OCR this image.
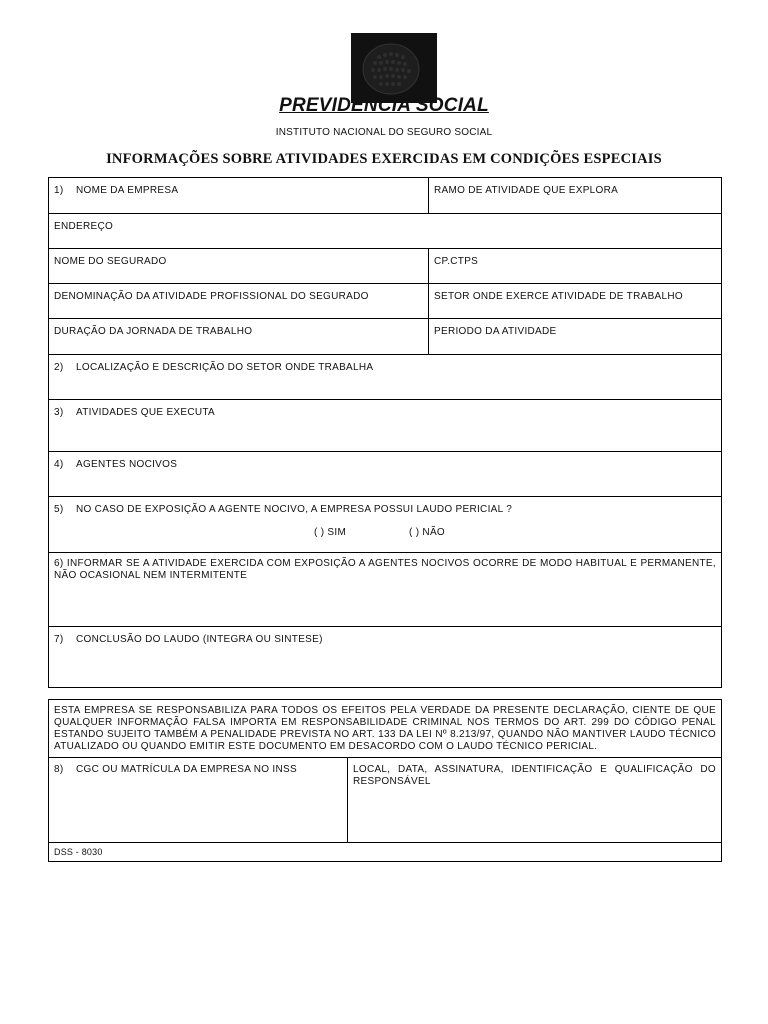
PREVIDENCIA SOCIAL
INSTITUTO NACIONAL DO SEGURO SOCIAL
INFORMAÇÕES SOBRE ATIVIDADES EXERCIDAS EM CONDIÇÕES ESPECIAIS
1) NOME DA EMPRESA	RAMO DE ATIVIDADE QUE EXPLORA
ENDEREÇO
NOME DO SEGURADO	CP.CTPS
DENOMINAÇÃO DA ATIVIDADE PROFISSIONAL DO SEGURADO	SETOR ONDE EXERCE ATIVIDADE DE TRABALHO
DURAÇÃO DA JORNADA DE TRABALHO	PERIODO DA ATIVIDADE
2) LOCALIZAÇÃO E DESCRIÇÃO DO SETOR ONDE TRABALHA
3) ATIVIDADES QUE EXECUTA
4) AGENTES NOCIVOS
5) NO CASO DE EXPOSIÇÃO A AGENTE NOCIVO, A EMPRESA POSSUI LAUDO PERICIAL ?
( ) SIM	( ) NÃO
6) INFORMAR SE A ATIVIDADE EXERCIDA COM EXPOSIÇÃO A AGENTES NOCIVOS OCORRE DE MODO HABITUAL E PERMANENTE, NÃO OCASIONAL NEM INTERMITENTE
7) CONCLUSÃO DO LAUDO (INTEGRA OU SINTESE)
ESTA EMPRESA SE RESPONSABILIZA PARA TODOS OS EFEITOS PELA VERDADE DA PRESENTE DECLARAÇÃO, CIENTE DE QUE QUALQUER INFORMAÇÃO FALSA IMPORTA EM RESPONSABILIDADE CRIMINAL NOS TERMOS DO ART. 299 DO CÓDIGO PENAL ESTANDO SUJEITO TAMBÉM A PENALIDADE PREVISTA NO ART. 133 DA LEI Nº 8.213/97, QUANDO NÃO MANTIVER LAUDO TÉCNICO ATUALIZADO OU QUANDO EMITIR ESTE DOCUMENTO EM DESACORDO COM O LAUDO TÉCNICO PERICIAL.
8) CGC OU MATRÍCULA DA EMPRESA NO INSS	LOCAL, DATA, ASSINATURA, IDENTIFICAÇÃO E QUALIFICAÇÃO DO RESPONSÁVEL
DSS - 8030
